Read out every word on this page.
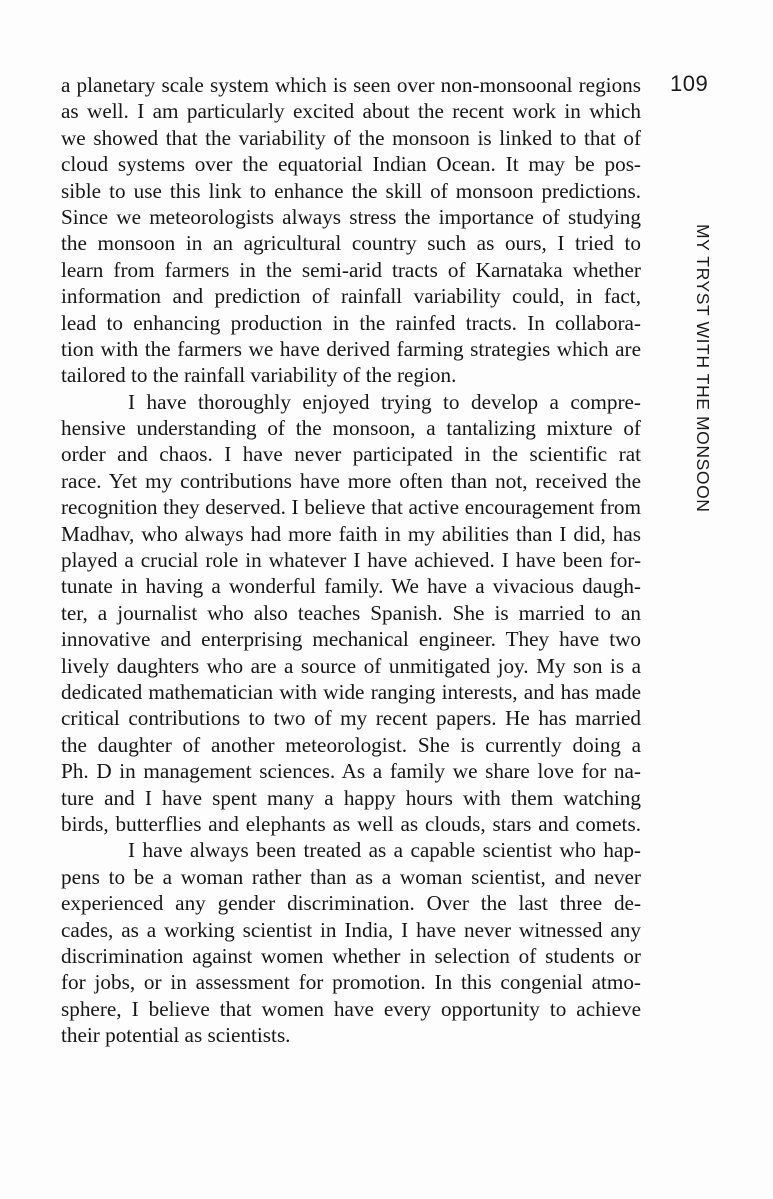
109
MY TRYST WITH THE MONSOON
a planetary scale system which is seen over non-monsoonal regions
as well. I am particularly excited about the recent work in which
we showed that the variability of the monsoon is linked to that of
cloud systems over the equatorial Indian Ocean. It may be pos-
sible to use this link to enhance the skill of monsoon predictions.
Since we meteorologists always stress the importance of studying
the monsoon in an agricultural country such as ours, I tried to
learn from farmers in the semi-arid tracts of Karnataka whether
information and prediction of rainfall variability could, in fact,
lead to enhancing production in the rainfed tracts. In collabora-
tion with the farmers we have derived farming strategies which are
tailored to the rainfall variability of the region.
I have thoroughly enjoyed trying to develop a compre-
hensive understanding of the monsoon, a tantalizing mixture of
order and chaos. I have never participated in the scientific rat
race. Yet my contributions have more often than not, received the
recognition they deserved. I believe that active encouragement from
Madhav, who always had more faith in my abilities than I did, has
played a crucial role in whatever I have achieved. I have been for-
tunate in having a wonderful family. We have a vivacious daugh-
ter, a journalist who also teaches Spanish. She is married to an
innovative and enterprising mechanical engineer. They have two
lively daughters who are a source of unmitigated joy. My son is a
dedicated mathematician with wide ranging interests, and has made
critical contributions to two of my recent papers. He has married
the daughter of another meteorologist. She is currently doing a
Ph. D in management sciences. As a family we share love for na-
ture and I have spent many a happy hours with them watching
birds, butterflies and elephants as well as clouds, stars and comets.
I have always been treated as a capable scientist who hap-
pens to be a woman rather than as a woman scientist, and never
experienced any gender discrimination. Over the last three de-
cades, as a working scientist in India, I have never witnessed any
discrimination against women whether in selection of students or
for jobs, or in assessment for promotion. In this congenial atmo-
sphere, I believe that women have every opportunity to achieve
their potential as scientists.
